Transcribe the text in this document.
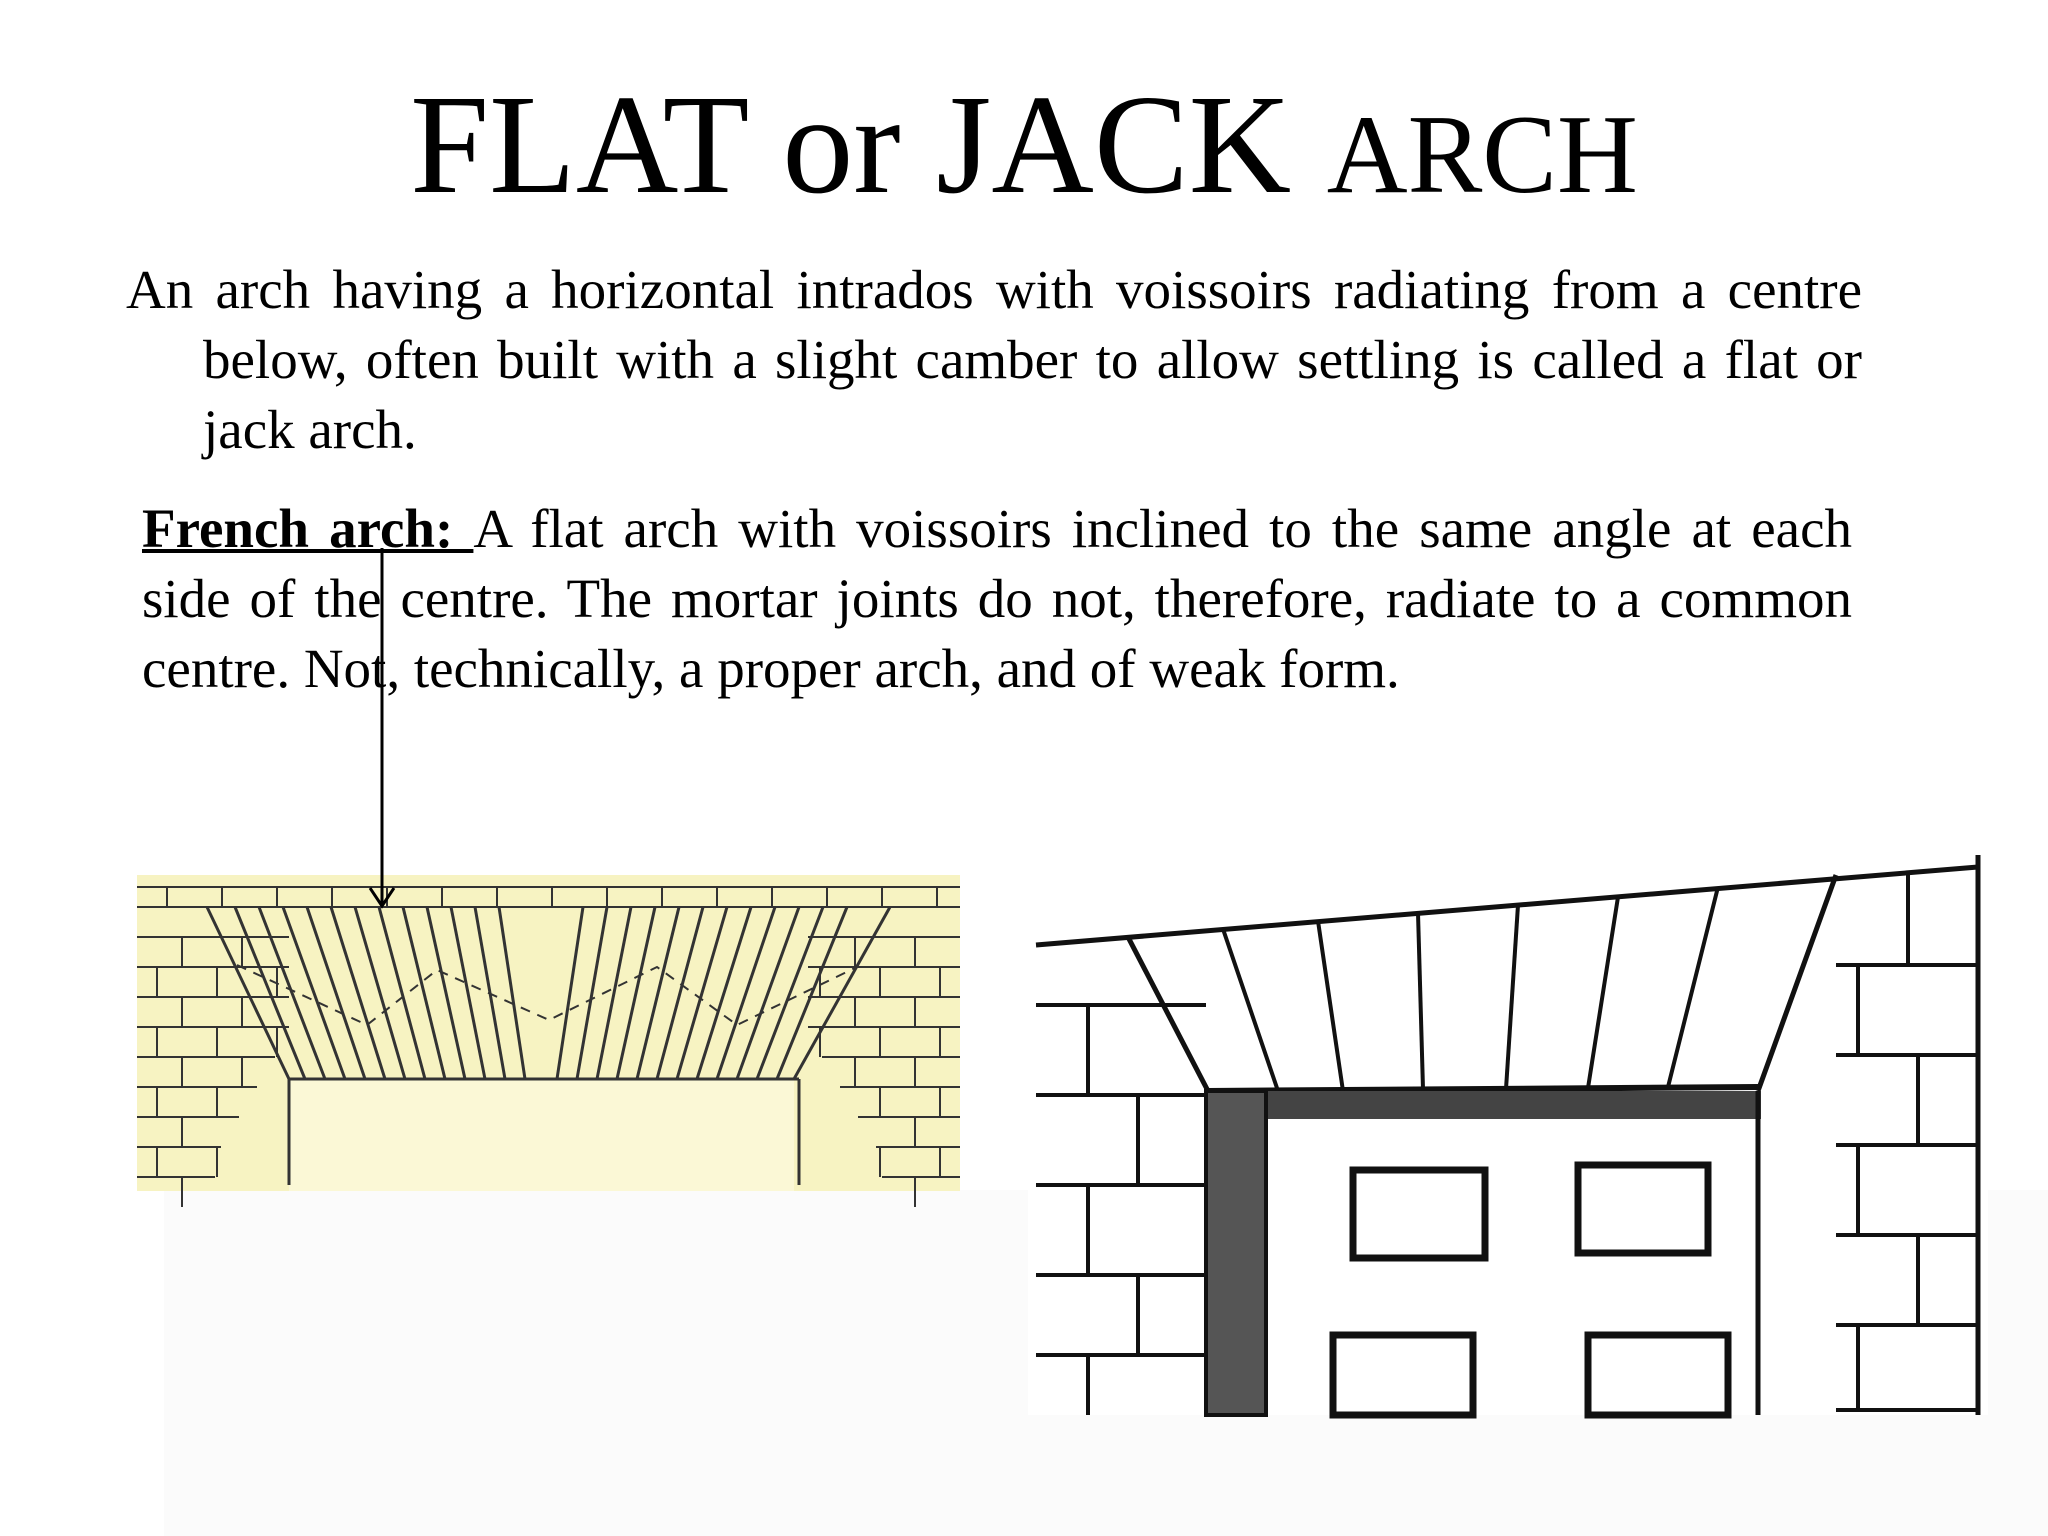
FLAT or JACK ARCH
An arch having a horizontal intrados with voissoirs radiating from a centre below, often built with a slight camber to allow settling is called a flat or jack arch.
French arch: A flat arch with voissoirs inclined to the same angle at each side of the centre. The mortar joints do not, therefore, radiate to a common centre. Not, technically, a proper arch, and of weak form.
